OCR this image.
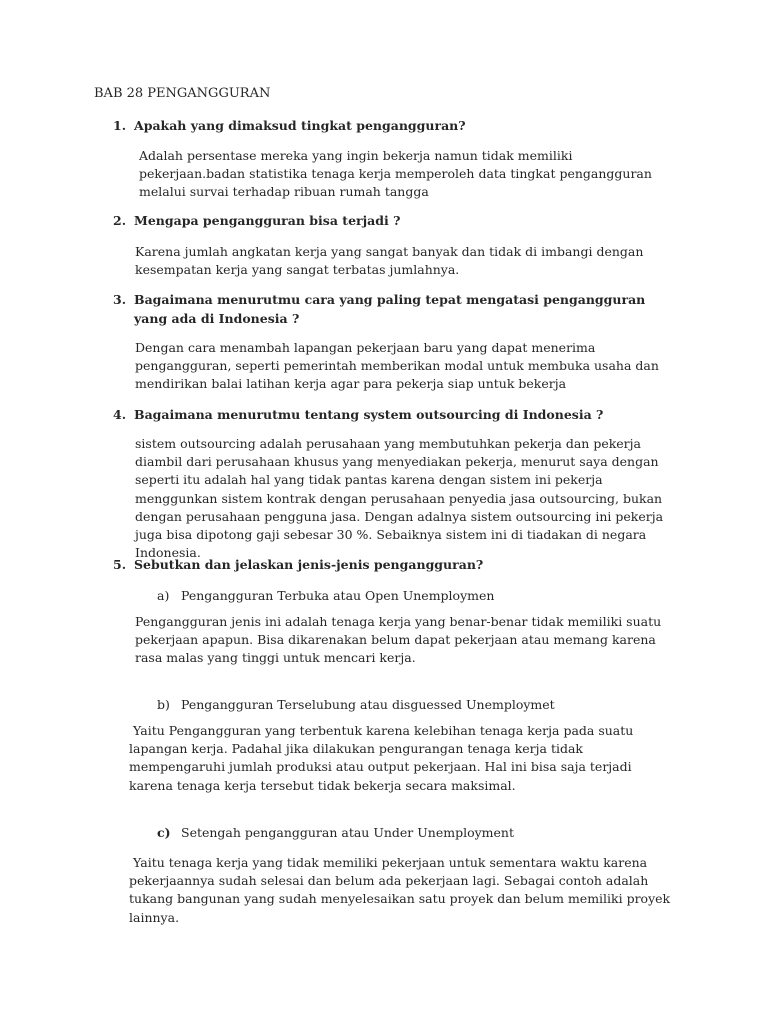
BAB 28 PENGANGGURAN
1. Apakah yang dimaksud tingkat pengangguran?

Adalah persentase mereka yang ingin bekerja namun tidak memiliki pekerjaan.badan statistika tenaga kerja memperoleh data tingkat pengangguran melalui survai terhadap ribuan rumah tangga

2. Mengapa pengangguran bisa terjadi ?

Karena jumlah angkatan kerja yang sangat banyak dan tidak di imbangi dengan kesempatan kerja yang sangat terbatas jumlahnya.

3. Bagaimana menurutmu cara yang paling tepat mengatasi pengangguran yang ada di Indonesia ?

Dengan cara menambah lapangan pekerjaan baru yang dapat menerima pengangguran, seperti pemerintah memberikan modal untuk membuka usaha dan mendirikan balai latihan kerja agar para pekerja siap untuk bekerja

4. Bagaimana menurutmu tentang system outsourcing di Indonesia ?

sistem outsourcing adalah perusahaan yang membutuhkan pekerja dan pekerja diambil dari perusahaan khusus yang menyediakan pekerja, menurut saya dengan seperti itu adalah hal yang tidak pantas karena dengan sistem ini pekerja menggunkan sistem kontrak dengan perusahaan penyedia jasa outsourcing, bukan dengan perusahaan pengguna jasa. Dengan adalnya sistem outsourcing ini pekerja juga bisa dipotong gaji sebesar 30 %. Sebaiknya sistem ini di tiadakan di negara Indonesia.

5. Sebutkan dan jelaskan jenis-jenis pengangguran?
a) Pengangguran Terbuka atau Open Unemploymen

Pengangguran jenis ini adalah tenaga kerja yang benar-benar tidak memiliki suatu pekerjaan apapun. Bisa dikarenakan belum dapat pekerjaan atau memang karena rasa malas yang tinggi untuk mencari kerja.

b) Pengangguran Terselubung atau disguessed Unemploymet

Yaitu Pengangguran yang terbentuk karena kelebihan tenaga kerja pada suatu lapangan kerja. Padahal jika dilakukan pengurangan tenaga kerja tidak mempengaruhi jumlah produksi atau output pekerjaan. Hal ini bisa saja terjadi karena tenaga kerja tersebut tidak bekerja secara maksimal.

c) Setengah pengangguran atau Under Unemployment

Yaitu tenaga kerja yang tidak memiliki pekerjaan untuk sementara waktu karena pekerjaannya sudah selesai dan belum ada pekerjaan lagi. Sebagai contoh adalah tukang bangunan yang sudah menyelesaikan satu proyek dan belum memiliki proyek lainnya.
